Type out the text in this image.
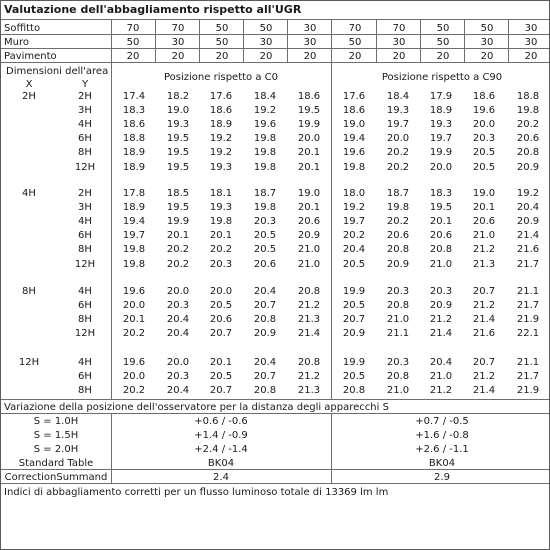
Valutazione dell'abbagliamento rispetto all'UGR
Soffitto	70	70	50	50	30	70	70	50	50	30
Muro	50	30	50	30	30	50	30	50	30	30
Pavimento	20	20	20	20	20	20	20	20	20	20
Dimensioni dell'area
X	Y
Posizione rispetto a C0	Posizione rispetto a C90
2H	2H	17.4	18.2	17.6	18.4	18.6	17.6	18.4	17.9	18.6	18.8
3H	18.3	19.0	18.6	19.2	19.5	18.6	19.3	18.9	19.6	19.8
4H	18.6	19.3	18.9	19.6	19.9	19.0	19.7	19.3	20.0	20.2
6H	18.8	19.5	19.2	19.8	20.0	19.4	20.0	19.7	20.3	20.6
8H	18.9	19.5	19.2	19.8	20.1	19.6	20.2	19.9	20.5	20.8
12H	18.9	19.5	19.3	19.8	20.1	19.8	20.2	20.0	20.5	20.9
4H	2H	17.8	18.5	18.1	18.7	19.0	18.0	18.7	18.3	19.0	19.2
3H	18.9	19.5	19.3	19.8	20.1	19.2	19.8	19.5	20.1	20.4
4H	19.4	19.9	19.8	20.3	20.6	19.7	20.2	20.1	20.6	20.9
6H	19.7	20.1	20.1	20.5	20.9	20.2	20.6	20.6	21.0	21.4
8H	19.8	20.2	20.2	20.5	21.0	20.4	20.8	20.8	21.2	21.6
12H	19.8	20.2	20.3	20.6	21.0	20.5	20.9	21.0	21.3	21.7
8H	4H	19.6	20.0	20.0	20.4	20.8	19.9	20.3	20.3	20.7	21.1
6H	20.0	20.3	20.5	20.7	21.2	20.5	20.8	20.9	21.2	21.7
8H	20.1	20.4	20.6	20.8	21.3	20.7	21.0	21.2	21.4	21.9
12H	20.2	20.4	20.7	20.9	21.4	20.9	21.1	21.4	21.6	22.1
12H	4H	19.6	20.0	20.1	20.4	20.8	19.9	20.3	20.4	20.7	21.1
6H	20.0	20.3	20.5	20.7	21.2	20.5	20.8	21.0	21.2	21.7
8H	20.2	20.4	20.7	20.8	21.3	20.8	21.0	21.2	21.4	21.9
Variazione della posizione dell'osservatore per la distanza degli apparecchi S
S = 1.0H	+0.6 / -0.6	+0.7 / -0.5
S = 1.5H	+1.4 / -0.9	+1.6 / -0.8
S = 2.0H	+2.4 / -1.4	+2.6 / -1.1
Standard Table	BK04	BK04
CorrectionSummand	2.4	2.9
Indici di abbagliamento corretti per un flusso luminoso totale di 13369 lm lm
